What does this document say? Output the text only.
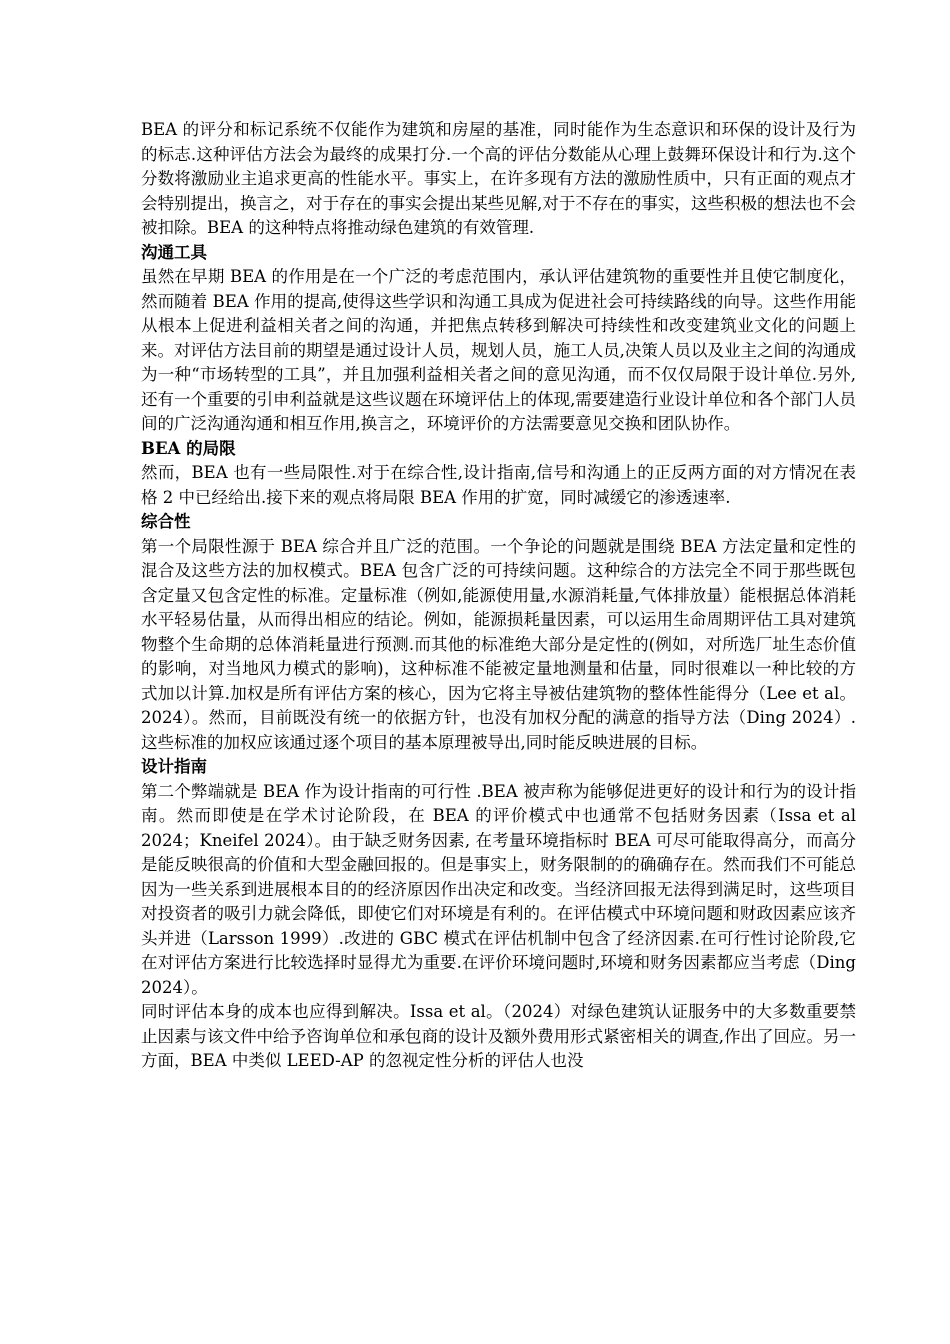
BEA 的评分和标记系统不仅能作为建筑和房屋的基准，同时能作为生态意识和环保的设计及行为的标志.这种评估方法会为最终的成果打分.一个高的评估分数能从心理上鼓舞环保设计和行为.这个分数将激励业主追求更高的性能水平。事实上，在许多现有方法的激励性质中，只有正面的观点才会特别提出，换言之，对于存在的事实会提出某些见解,对于不存在的事实，这些积极的想法也不会被扣除。BEA 的这种特点将推动绿色建筑的有效管理.

沟通工具

虽然在早期 BEA 的作用是在一个广泛的考虑范围内，承认评估建筑物的重要性并且使它制度化，然而随着 BEA 作用的提高,使得这些学识和沟通工具成为促进社会可持续路线的向导。这些作用能从根本上促进利益相关者之间的沟通，并把焦点转移到解决可持续性和改变建筑业文化的问题上来。对评估方法目前的期望是通过设计人员，规划人员，施工人员,决策人员以及业主之间的沟通成为一种“市场转型的工具”，并且加强利益相关者之间的意见沟通，而不仅仅局限于设计单位.另外,还有一个重要的引申利益就是这些议题在环境评估上的体现,需要建造行业设计单位和各个部门人员间的广泛沟通沟通和相互作用,换言之，环境评价的方法需要意见交换和团队协作。

BEA 的局限

然而，BEA 也有一些局限性.对于在综合性,设计指南,信号和沟通上的正反两方面的对方情况在表格 2 中已经给出.接下来的观点将局限 BEA 作用的扩宽，同时减缓它的渗透速率.

综合性

第一个局限性源于 BEA 综合并且广泛的范围。一个争论的问题就是围绕 BEA 方法定量和定性的混合及这些方法的加权模式。BEA 包含广泛的可持续问题。这种综合的方法完全不同于那些既包含定量又包含定性的标准。定量标准（例如,能源使用量,水源消耗量,气体排放量）能根据总体消耗水平轻易估量，从而得出相应的结论。例如，能源损耗量因素，可以运用生命周期评估工具对建筑物整个生命期的总体消耗量进行预测.而其他的标准绝大部分是定性的(例如，对所选厂址生态价值的影响，对当地风力模式的影响)，这种标准不能被定量地测量和估量，同时很难以一种比较的方式加以计算.加权是所有评估方案的核心，因为它将主导被估建筑物的整体性能得分（Lee et al。2024）。然而，目前既没有统一的依据方针，也没有加权分配的满意的指导方法（Ding 2024）.这些标准的加权应该通过逐个项目的基本原理被导出,同时能反映进展的目标。

设计指南

第二个弊端就是 BEA 作为设计指南的可行性 .BEA 被声称为能够促进更好的设计和行为的设计指南。然而即使是在学术讨论阶段，在 BEA 的评价模式中也通常不包括财务因素（Issa et al 2024；Kneifel 2024）。由于缺乏财务因素, 在考量环境指标时 BEA 可尽可能取得高分，而高分是能反映很高的价值和大型金融回报的。但是事实上，财务限制的的确确存在。然而我们不可能总因为一些关系到进展根本目的的经济原因作出决定和改变。当经济回报无法得到满足时，这些项目对投资者的吸引力就会降低，即使它们对环境是有利的。在评估模式中环境问题和财政因素应该齐头并进（Larsson 1999）.改进的 GBC 模式在评估机制中包含了经济因素.在可行性讨论阶段,它在对评估方案进行比较选择时显得尤为重要.在评价环境问题时,环境和财务因素都应当考虑（Ding 2024）。

同时评估本身的成本也应得到解决。Issa et al。（2024）对绿色建筑认证服务中的大多数重要禁止因素与该文件中给予咨询单位和承包商的设计及额外费用形式紧密相关的调查,作出了回应。另一方面，BEA 中类似 LEED-AP 的忽视定性分析的评估人也没
